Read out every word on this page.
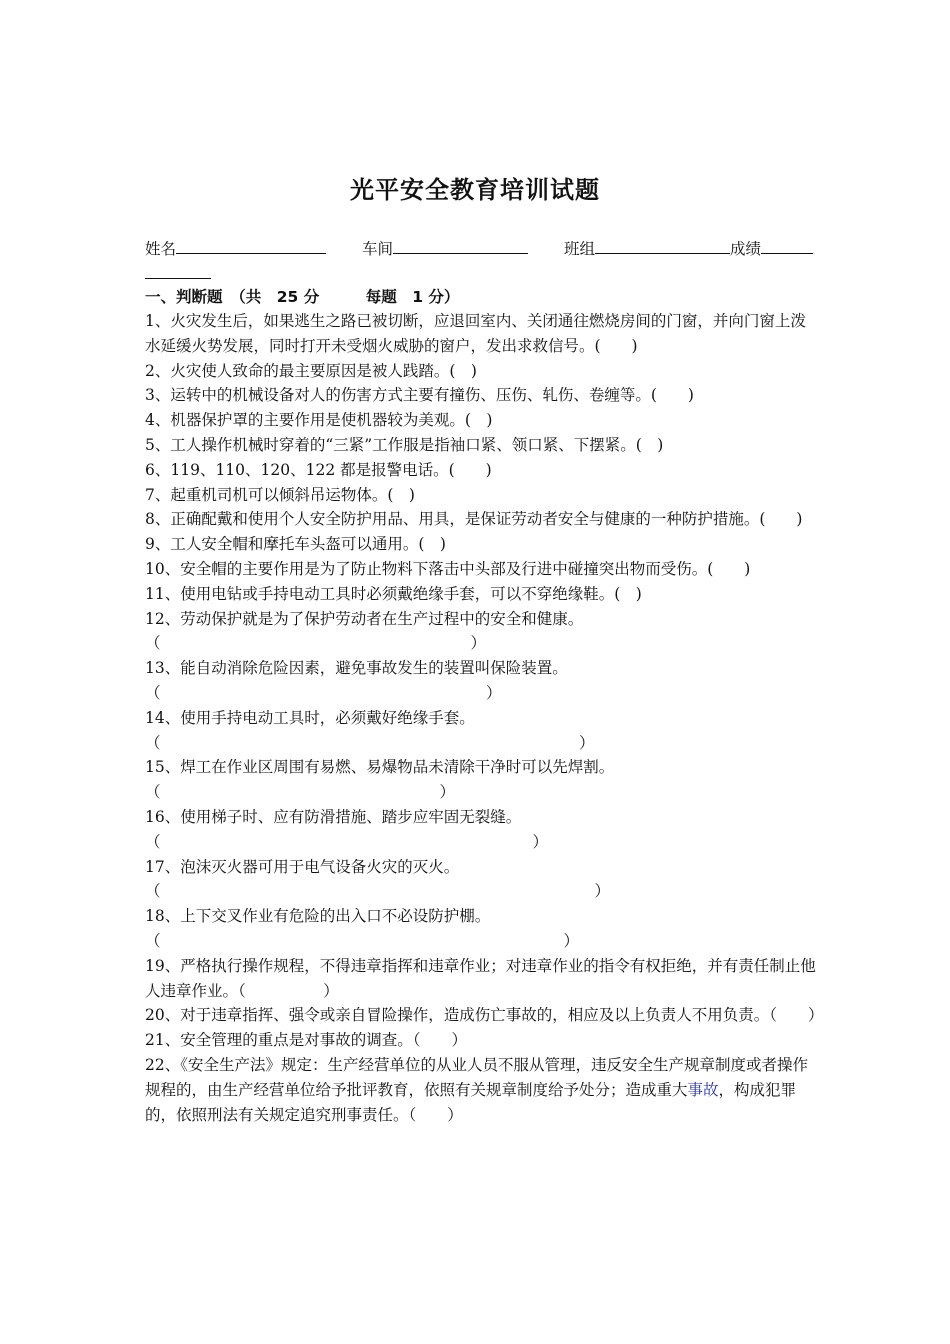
光平安全教育培训试题
姓名	车间	班组	成绩
一、判断题　（共　25 分　　　每题　1 分）

1、火灾发生后，如果逃生之路已被切断，应退回室内、关闭通往燃烧房间的门窗，并向门窗上泼水延缓火势发展，同时打开未受烟火威胁的窗户，发出求救信号。(　　)

2、火灾使人致命的最主要原因是被人践踏。(　)

3、运转中的机械设备对人的伤害方式主要有撞伤、压伤、轧伤、卷缠等。(　　)

4、机器保护罩的主要作用是使机器较为美观。(　)

5、工人操作机械时穿着的“三紧”工作服是指袖口紧、领口紧、下摆紧。(　)

6、119、110、120、122 都是报警电话。(　　)

7、起重机司机可以倾斜吊运物体。(　)

8、正确配戴和使用个人安全防护用品、用具，是保证劳动者安全与健康的一种防护措施。(　　)

9、工人安全帽和摩托车头盔可以通用。(　)

10、安全帽的主要作用是为了防止物料下落击中头部及行进中碰撞突出物而受伤。(　　)

11、使用电钻或手持电动工具时必须戴绝缘手套，可以不穿绝缘鞋。(　)

12、劳动保护就是为了保护劳动者在生产过程中的安全和健康。（　　　　　　　　　　　　　　　　　　　　）

13、能自动消除危险因素，避免事故发生的装置叫保险装置。（　　　　　　　　　　　　　　　　　　　　　）

14、使用手持电动工具时，必须戴好绝缘手套。（　　　　　　　　　　　　　　　　　　　　　　　　　　　）

15、焊工在作业区周围有易燃、易爆物品未清除干净时可以先焊割。（　　　　　　　　　　　　　　　　　　）

16、使用梯子时、应有防滑措施、踏步应牢固无裂缝。（　　　　　　　　　　　　　　　　　　　　　　　　）

17、泡沫灭火器可用于电气设备火灾的灭火。（　　　　　　　　　　　　　　　　　　　　　　　　　　　　）

18、上下交叉作业有危险的出入口不必设防护棚。（　　　　　　　　　　　　　　　　　　　　　　　　　　）

19、严格执行操作规程，不得违章指挥和违章作业；对违章作业的指令有权拒绝，并有责任制止他人违章作业。（　　　　　）

20、对于违章指挥、强令或亲自冒险操作，造成伤亡事故的，相应及以上负责人不用负责。（　　）

21、安全管理的重点是对事故的调查。（　　）

22、《安全生产法》规定：生产经营单位的从业人员不服从管理，违反安全生产规章制度或者操作规程的，由生产经营单位给予批评教育，依照有关规章制度给予处分；造成重大事故，构成犯罪的，依照刑法有关规定追究刑事责任。（　　）
